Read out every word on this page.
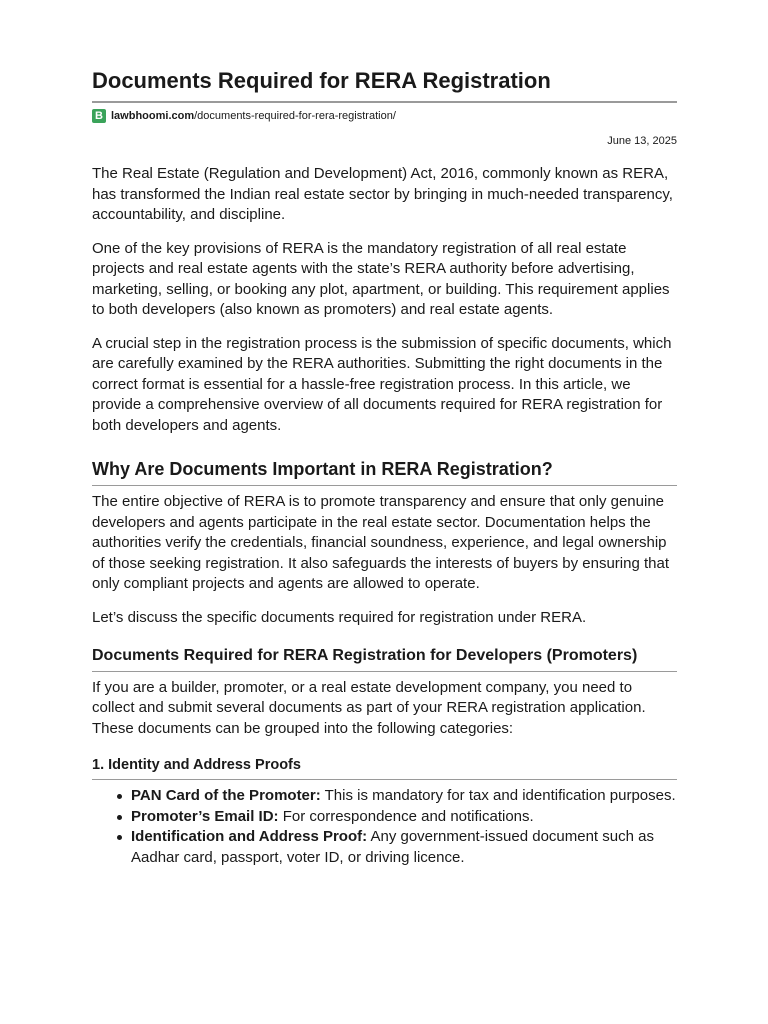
Documents Required for RERA Registration
B lawbhoomi.com /documents-required-for-rera-registration/
June 13, 2025

The Real Estate (Regulation and Development) Act, 2016, commonly known as RERA, has transformed the Indian real estate sector by bringing in much-needed transparency, accountability, and discipline.

One of the key provisions of RERA is the mandatory registration of all real estate projects and real estate agents with the state’s RERA authority before advertising, marketing, selling, or booking any plot, apartment, or building. This requirement applies to both developers (also known as promoters) and real estate agents.

A crucial step in the registration process is the submission of specific documents, which are carefully examined by the RERA authorities. Submitting the right documents in the correct format is essential for a hassle-free registration process. In this article, we provide a comprehensive overview of all documents required for RERA registration for both developers and agents.

Why Are Documents Important in RERA Registration?

The entire objective of RERA is to promote transparency and ensure that only genuine developers and agents participate in the real estate sector. Documentation helps the authorities verify the credentials, financial soundness, experience, and legal ownership of those seeking registration. It also safeguards the interests of buyers by ensuring that only compliant projects and agents are allowed to operate.

Let’s discuss the specific documents required for registration under RERA.

Documents Required for RERA Registration for Developers (Promoters)

If you are a builder, promoter, or a real estate development company, you need to collect and submit several documents as part of your RERA registration application. These documents can be grouped into the following categories:

1. Identity and Address Proofs
PAN Card of the Promoter: This is mandatory for tax and identification purposes.
Promoter’s Email ID: For correspondence and notifications.
Identification and Address Proof: Any government-issued document such as Aadhar card, passport, voter ID, or driving licence.
